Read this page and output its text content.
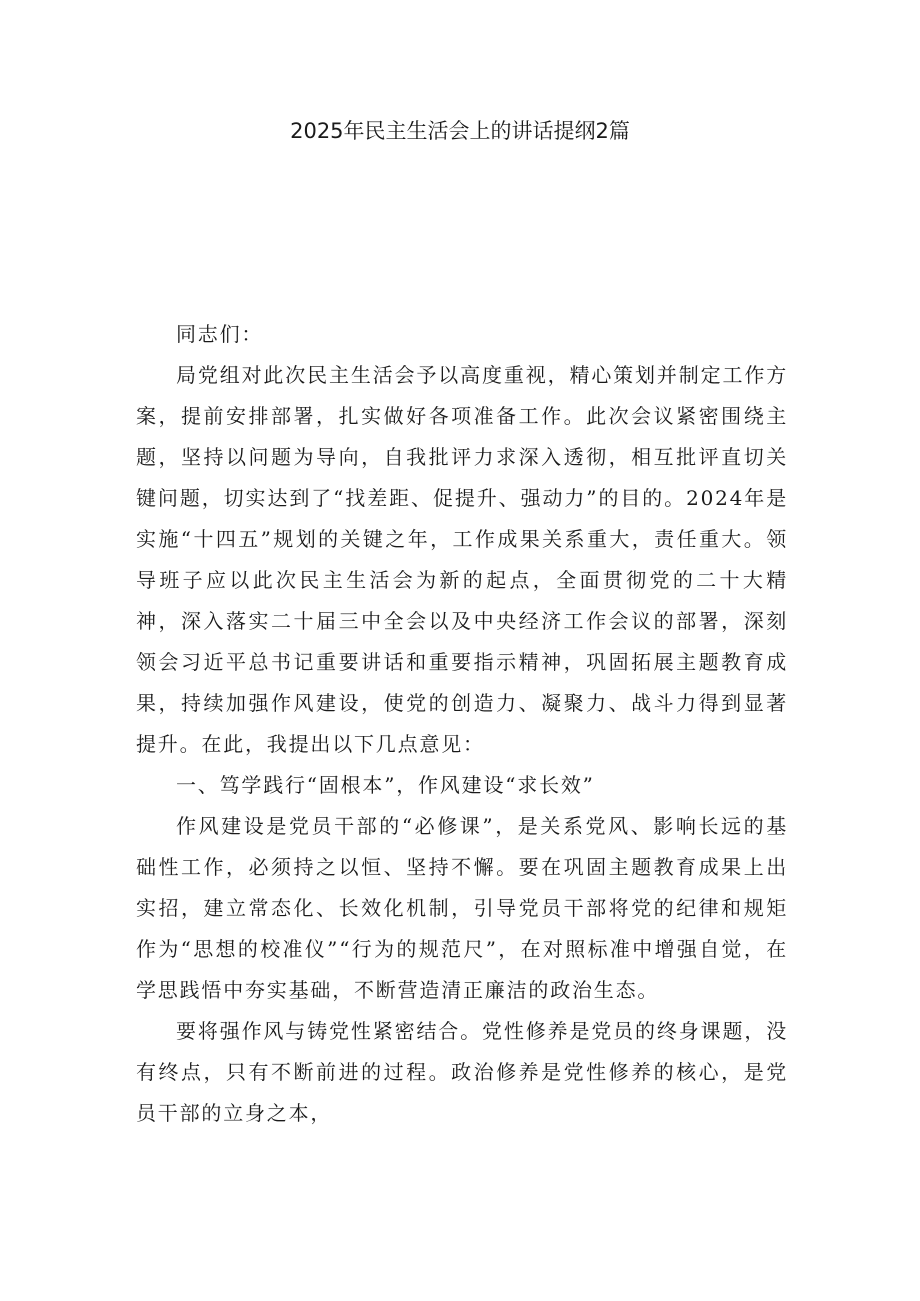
2025年民主生活会上的讲话提纲2篇

同志们：

局党组对此次民主生活会予以高度重视，精心策划并制定工作方案，提前安排部署，扎实做好各项准备工作。此次会议紧密围绕主题，坚持以问题为导向，自我批评力求深入透彻，相互批评直切关键问题，切实达到了“找差距、促提升、强动力”的目的。2024年是实施“十四五”规划的关键之年，工作成果关系重大，责任重大。领导班子应以此次民主生活会为新的起点，全面贯彻党的二十大精神，深入落实二十届三中全会以及中央经济工作会议的部署，深刻领会习近平总书记重要讲话和重要指示精神，巩固拓展主题教育成果，持续加强作风建设，使党的创造力、凝聚力、战斗力得到显著提升。在此，我提出以下几点意见：

一、笃学践行“固根本”，作风建设“求长效”

作风建设是党员干部的“必修课”，是关系党风、影响长远的基础性工作，必须持之以恒、坚持不懈。要在巩固主题教育成果上出实招，建立常态化、长效化机制，引导党员干部将党的纪律和规矩作为“思想的校准仪”“行为的规范尺”，在对照标准中增强自觉，在学思践悟中夯实基础，不断营造清正廉洁的政治生态。

要将强作风与铸党性紧密结合。党性修养是党员的终身课题，没有终点，只有不断前进的过程。政治修养是党性修养的核心，是党员干部的立身之本，
